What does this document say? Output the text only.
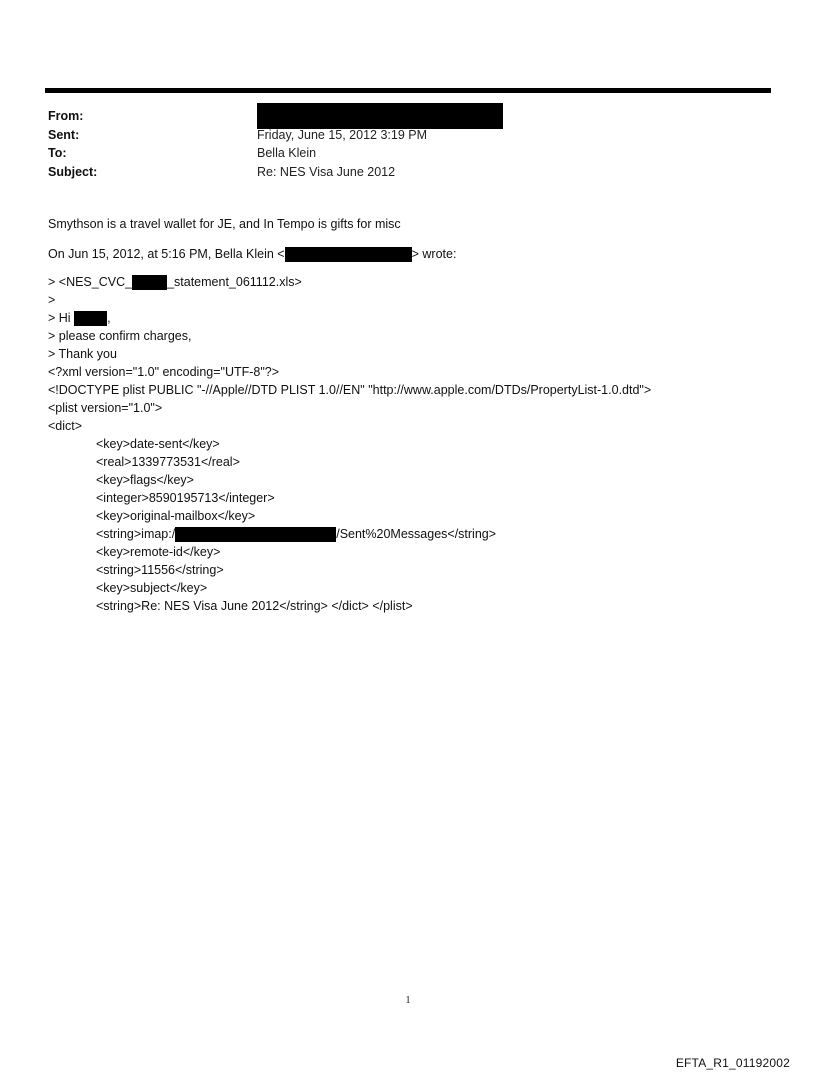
From:
Sent:	Friday, June 15, 2012 3:19 PM
To:	Bella Klein
Subject:	Re: NES Visa June 2012
Smythson is a travel wallet for JE, and In Tempo is gifts for misc
On Jun 15, 2012, at 5:16 PM, Bella Klein <	> wrote:
> <NES_CVC_	_statement_061112.xls>
>
> Hi	,
> please confirm charges,
> Thank you
<?xml version="1.0" encoding="UTF-8"?>
<!DOCTYPE plist PUBLIC "-//Apple//DTD PLIST 1.0//EN" "http://www.apple.com/DTDs/PropertyList-1.0.dtd">
<plist version="1.0">
<dict>
<key>date-sent</key>
<real>1339773531</real>
<key>flags</key>
<integer>8590195713</integer>
<key>original-mailbox</key>
<string>imap:/	/Sent%20Messages</string>
<key>remote-id</key>
<string>11556</string>
<key>subject</key>
<string>Re: NES Visa June 2012</string> </dict> </plist>
1
EFTA_R1_01192002
